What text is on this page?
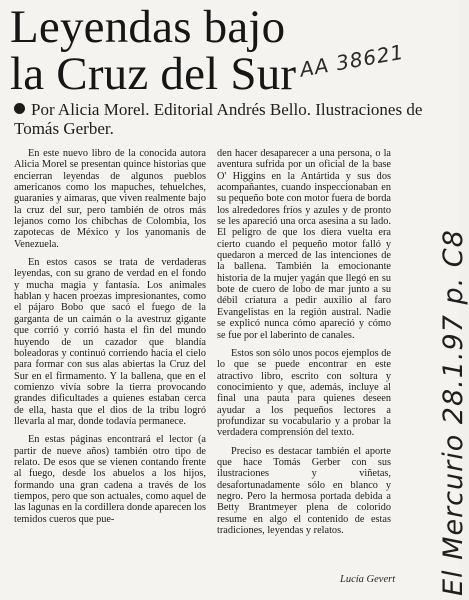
Leyendas bajo la Cruz del Sur AA 38621
Por Alicia Morel. Editorial Andrés Bello. Ilustraciones de Tomás Gerber.

En este nuevo libro de la conocida autora Alicia Morel se presentan quince historias que encierran leyendas de algunos pueblos americanos como los mapuches, tehuelches, guaranies y aimaras, que viven realmente bajo la cruz del sur, pero también de otros más lejanos como los chibchas de Colombia, los zapotecas de México y los yanomanis de Venezuela.

En estos casos se trata de verdaderas leyendas, con su grano de verdad en el fondo y mucha magia y fantasía. Los animales hablan y hacen proezas impresionantes, como el pájaro Bobo que sacó el fuego de la garganta de un caimán o la avestruz gigante que corrió y corrió hasta el fin del mundo huyendo de un cazador que blandía boleadoras y continuó corriendo hacia el cielo para formar con sus alas abiertas la Cruz del Sur en el firmamento. Y la ballena, que en el comienzo vivía sobre la tierra provocando grandes dificultades a quienes estaban cerca de ella, hasta que el dios de la tribu logró llevarla al mar, donde todavía permanece.

En estas páginas encontrará el lector (a partir de nueve años) también otro tipo de relato. De esos que se vienen contando frente al fuego, desde los abuelos a los hijos, formando una gran cadena a través de los tiempos, pero que son actuales, como aquel de las lagunas en la cordillera donde aparecen los temidos cueros que pue-

den hacer desaparecer a una persona, o la aventura sufrida por un oficial de la base O' Higgins en la Antártida y sus dos acompañantes, cuando inspeccionaban en su pequeño bote con motor fuera de borda los alrededores fríos y azules y de pronto se les apareció una orca asesina a su lado. El peligro de que los diera vuelta era cierto cuando el pequeño motor falló y quedaron a merced de las intenciones de la ballena. También la emocionante historia de la mujer yagán que llegó en su bote de cuero de lobo de mar junto a su débil criatura a pedir auxilio al faro Evangelistas en la región austral. Nadie se explicó nunca cómo apareció y cómo se fue por el laberinto de canales.

Estos son sólo unos pocos ejemplos de lo que se puede encontrar en este atractivo libro, escrito con soltura y conocimiento y que, además, incluye al final una pauta para quienes deseen ayudar a los pequeños lectores a profundizar su vocabulario y a probar la verdadera comprensión del texto.

Preciso es destacar también el aporte que hace Tomás Gerber con sus ilustraciones y viñetas, desafortunadamente sólo en blanco y negro. Pero la hermosa portada debida a Betty Brantmeyer plena de colorido resume en algo el contenido de estas tradiciones, leyendas y relatos.

Lucía Gevert El Mercurio 28.1.97 p. C8
